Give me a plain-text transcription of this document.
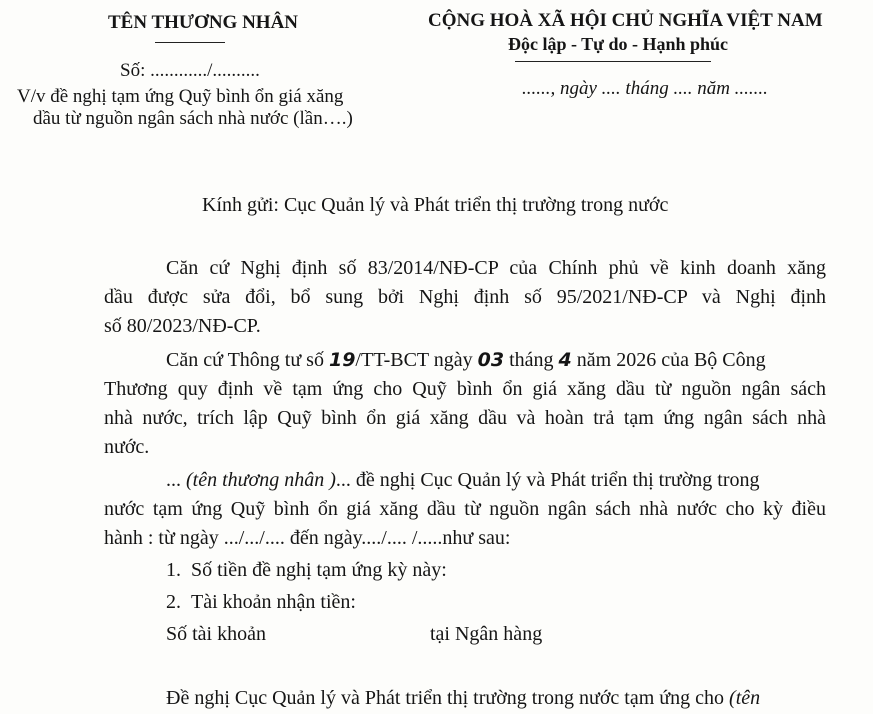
TÊN THƯƠNG NHÂN
Số: ............/..........
V/v đề nghị tạm ứng Quỹ bình ổn giá xăng
dầu từ nguồn ngân sách nhà nước (lần….)
CỘNG HOÀ XÃ HỘI CHỦ NGHĨA VIỆT NAM
Độc lập - Tự do - Hạnh phúc
......, ngày .... tháng .... năm .......
Kính gửi: Cục Quản lý và Phát triển thị trường trong nước
Căn cứ Nghị định số 83/2014/NĐ-CP của Chính phủ về kinh doanh xăng
dầu được sửa đổi, bổ sung bởi Nghị định số 95/2021/NĐ-CP và Nghị định
số 80/2023/NĐ-CP.
Căn cứ Thông tư số 19/TT-BCT ngày 03 tháng 4 năm 2026 của Bộ Công
Thương quy định về tạm ứng cho Quỹ bình ổn giá xăng dầu từ nguồn ngân sách
nhà nước, trích lập Quỹ bình ổn giá xăng dầu và hoàn trả tạm ứng ngân sách nhà
nước.
... (tên thương nhân )... đề nghị Cục Quản lý và Phát triển thị trường trong
nước tạm ứng Quỹ bình ổn giá xăng dầu từ nguồn ngân sách nhà nước cho kỳ điều
hành : từ ngày .../.../.... đến ngày..../.... /.....như sau:
1. Số tiền đề nghị tạm ứng kỳ này:
2. Tài khoản nhận tiền:
Số tài khoản	tại Ngân hàng
Đề nghị Cục Quản lý và Phát triển thị trường trong nước tạm ứng cho (tên
